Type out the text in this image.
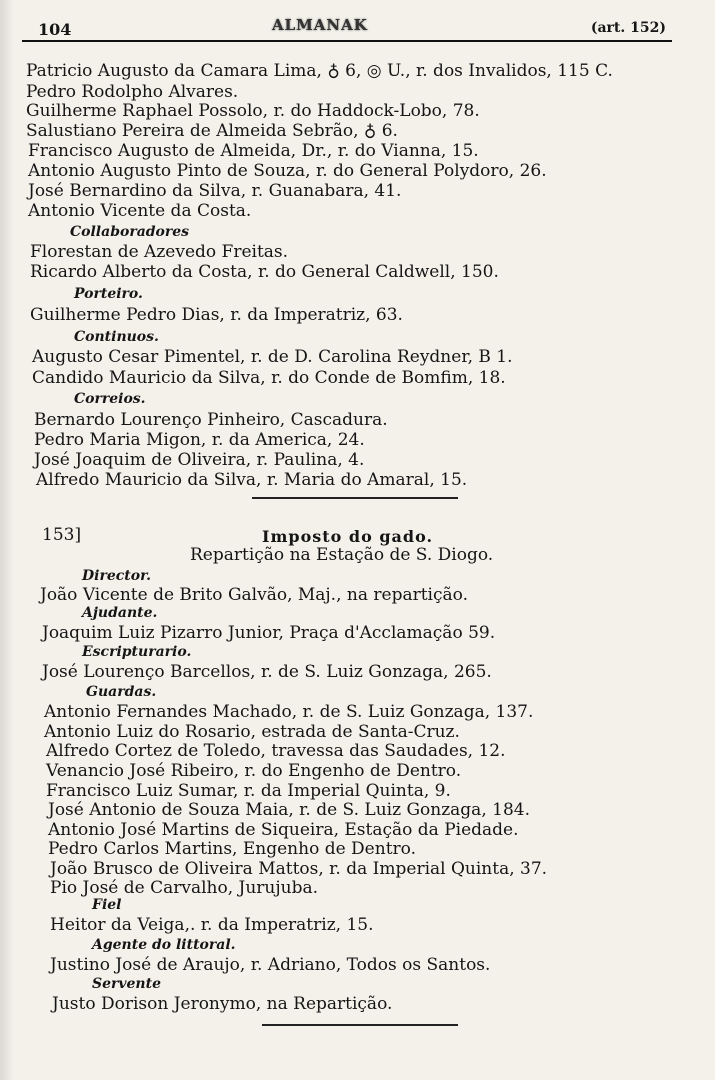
104	ALMANAK	(art. 152)
Patricio Augusto da Camara Lima, ♁ 6, ◎ U., r. dos Invalidos, 115 C.
Pedro Rodolpho Alvares.
Guilherme Raphael Possolo, r. do Haddock-Lobo, 78.
Salustiano Pereira de Almeida Sebrão, ♁ 6.
Francisco Augusto de Almeida, Dr., r. do Vianna, 15.
Antonio Augusto Pinto de Souza, r. do General Polydoro, 26.
José Bernardino da Silva, r. Guanabara, 41.
Antonio Vicente da Costa.
Collaboradores
Florestan de Azevedo Freitas.
Ricardo Alberto da Costa, r. do General Caldwell, 150.
Porteiro.
Guilherme Pedro Dias, r. da Imperatriz, 63.
Continuos.
Augusto Cesar Pimentel, r. de D. Carolina Reydner, B 1.
Candido Mauricio da Silva, r. do Conde de Bomfim, 18.
Correios.
Bernardo Lourenço Pinheiro, Cascadura.
Pedro Maria Migon, r. da America, 24.
José Joaquim de Oliveira, r. Paulina, 4.
Alfredo Mauricio da Silva, r. Maria do Amaral, 15.
153]	Imposto do gado.
Repartição na Estação de S. Diogo.
Director.
João Vicente de Brito Galvão, Maj., na repartição.
Ajudante.
Joaquim Luiz Pizarro Junior, Praça d'Acclamação 59.
Escripturario.
José Lourenço Barcellos, r. de S. Luiz Gonzaga, 265.
Guardas.
Antonio Fernandes Machado, r. de S. Luiz Gonzaga, 137.
Antonio Luiz do Rosario, estrada de Santa-Cruz.
Alfredo Cortez de Toledo, travessa das Saudades, 12.
Venancio José Ribeiro, r. do Engenho de Dentro.
Francisco Luiz Sumar, r. da Imperial Quinta, 9.
José Antonio de Souza Maia, r. de S. Luiz Gonzaga, 184.
Antonio José Martins de Siqueira, Estação da Piedade.
Pedro Carlos Martins, Engenho de Dentro.
João Brusco de Oliveira Mattos, r. da Imperial Quinta, 37.
Pio José de Carvalho, Jurujuba.
Fiel
Heitor da Veiga,. r. da Imperatriz, 15.
Agente do littoral.
Justino José de Araujo, r. Adriano, Todos os Santos.
Servente
Justo Dorison Jeronymo, na Repartição.
